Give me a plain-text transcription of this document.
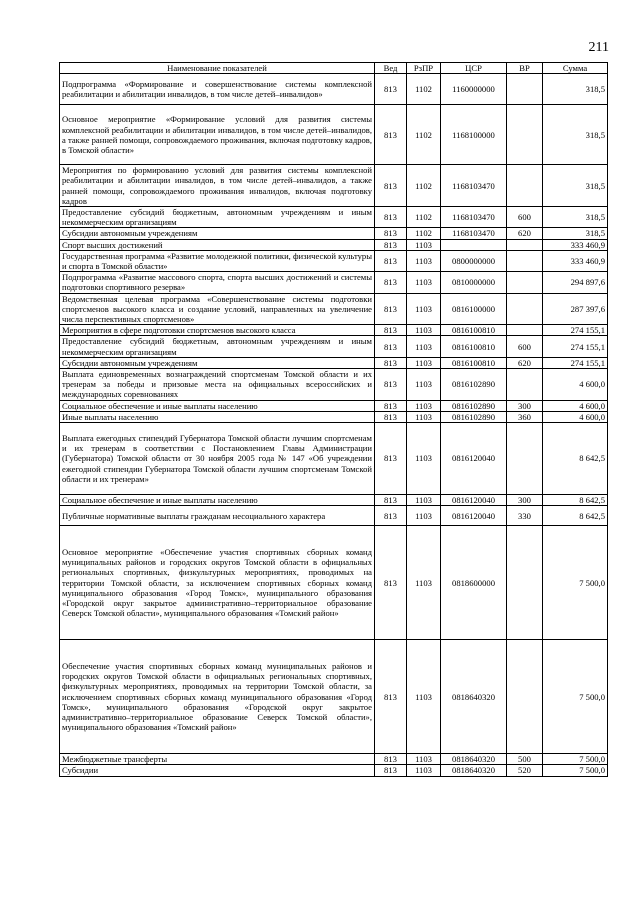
211
Наименование показателей	Вед	РзПР	ЦСР	ВР	Сумма
Подпрограмма «Формирование и совершенствование системы комплексной реабилитации и абилитации инвалидов, в том числе детей–инвалидов»	813	1102	1160000000		318,5
Основное мероприятие «Формирование условий для развития системы комплексной реабилитации и абилитации инвалидов, в том числе детей–инвалидов, а также ранней помощи, сопровождаемого проживания, включая подготовку кадров, в Томской области»	813	1102	1168100000		318,5
Мероприятия по формированию условий для развития системы комплексной реабилитации и абилитации инвалидов, в том числе детей–инвалидов, а также ранней помощи, сопровождаемого проживания инвалидов, включая подготовку кадров	813	1102	1168103470		318,5
Предоставление субсидий бюджетным, автономным учреждениям и иным некоммерческим организациям	813	1102	1168103470	600	318,5
Субсидии автономным учреждениям	813	1102	1168103470	620	318,5
Спорт высших достижений	813	1103			333 460,9
Государственная программа «Развитие молодежной политики, физической культуры и спорта в Томской области»	813	1103	0800000000		333 460,9
Подпрограмма «Развитие массового спорта, спорта высших достижений и системы подготовки спортивного резерва»	813	1103	0810000000		294 897,6
Ведомственная целевая программа «Совершенствование системы подготовки спортсменов высокого класса и создание условий, направленных на увеличение числа перспективных спортсменов»	813	1103	0816100000		287 397,6
Мероприятия в сфере подготовки спортсменов высокого класса	813	1103	0816100810		274 155,1
Предоставление субсидий бюджетным, автономным учреждениям и иным некоммерческим организациям	813	1103	0816100810	600	274 155,1
Субсидии автономным учреждениям	813	1103	0816100810	620	274 155,1
Выплата единовременных вознаграждений спортсменам Томской области и их тренерам за победы и призовые места на официальных всероссийских и международных соревнованиях	813	1103	0816102890		4 600,0
Социальное обеспечение и иные выплаты населению	813	1103	0816102890	300	4 600,0
Иные выплаты населению	813	1103	0816102890	360	4 600,0
Выплата ежегодных стипендий Губернатора Томской области лучшим спортсменам и их тренерам в соответствии с Постановлением Главы Администрации (Губернатора) Томской области от 30 ноября 2005 года № 147 «Об учреждении ежегодной стипендии Губернатора Томской области лучшим спортсменам Томской области и их тренерам»	813	1103	0816120040		8 642,5
Социальное обеспечение и иные выплаты населению	813	1103	0816120040	300	8 642,5
Публичные нормативные выплаты гражданам несоциального характера	813	1103	0816120040	330	8 642,5
Основное мероприятие «Обеспечение участия спортивных сборных команд муниципальных районов и городских округов Томской области в официальных региональных спортивных, физкультурных мероприятиях, проводимых на территории Томской области, за исключением спортивных сборных команд муниципального образования «Город Томск», муниципального образования «Городской округ закрытое административно–территориальное образование Северск Томской области», муниципального образования «Томский район»	813	1103	0818600000		7 500,0
Обеспечение участия спортивных сборных команд муниципальных районов и городских округов Томской области в официальных региональных спортивных, физкультурных мероприятиях, проводимых на территории Томской области, за исключением спортивных сборных команд муниципального образования «Город Томск», муниципального образования «Городской округ закрытое административно–территориальное образование Северск Томской области», муниципального образования «Томский район»	813	1103	0818640320		7 500,0
Межбюджетные трансферты	813	1103	0818640320	500	7 500,0
Субсидии	813	1103	0818640320	520	7 500,0
